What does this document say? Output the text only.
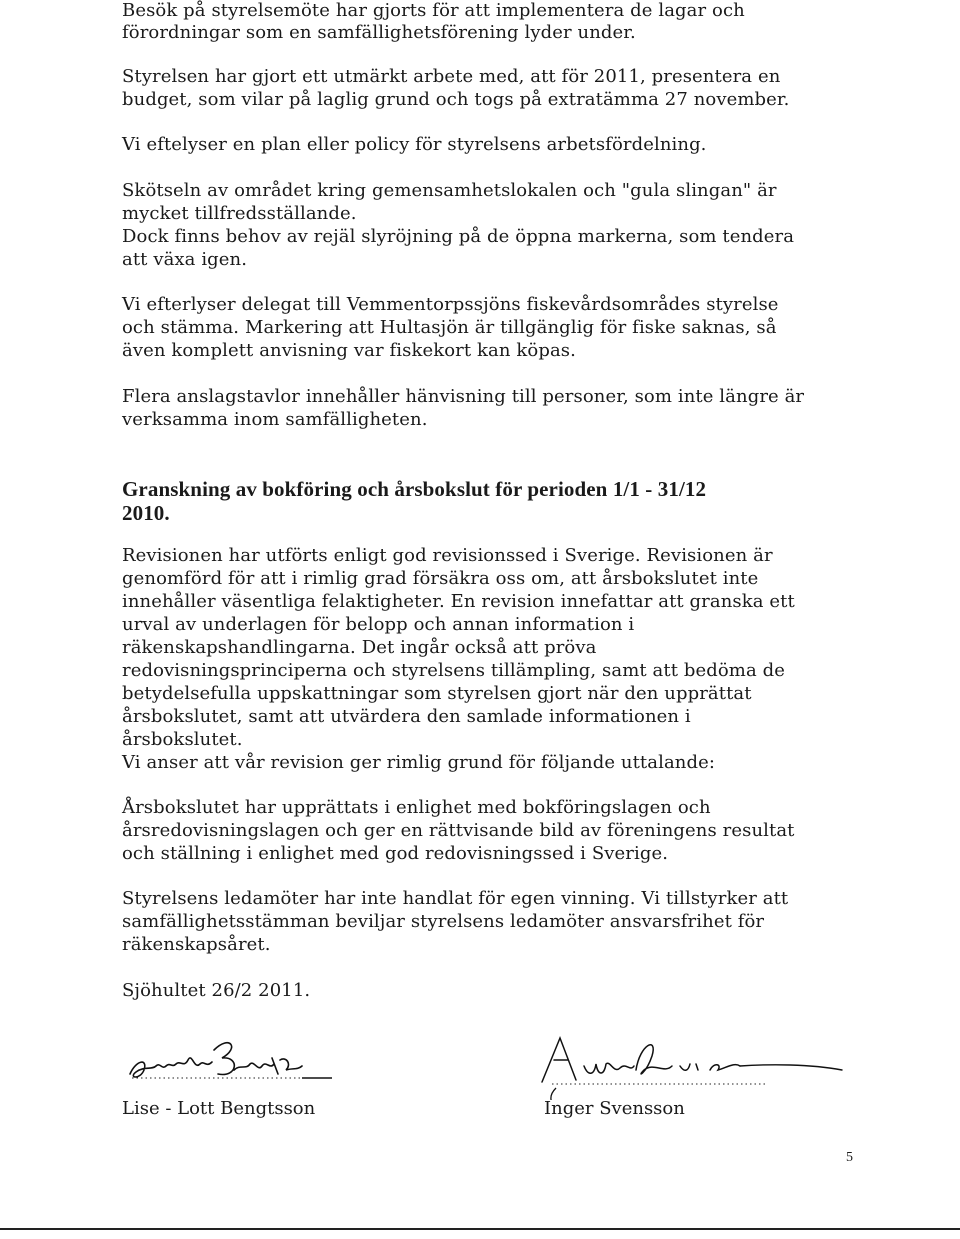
Besök på styrelsemöte har gjorts för att implementera de lagar och
förordningar som en samfällighetsförening lyder under.
Styrelsen har gjort ett utmärkt arbete med, att för 2011, presentera en
budget, som vilar på laglig grund och togs på extratämma 27 november.
Vi eftelyser en plan eller policy för styrelsens arbetsfördelning.
Skötseln av området kring gemensamhetslokalen och "gula slingan" är
mycket tillfredsställande.
Dock finns behov av rejäl slyröjning på de öppna markerna, som tendera
att växa igen.
Vi efterlyser delegat till Vemmentorpssjöns fiskevårdsområdes styrelse
och stämma. Markering att Hultasjön är tillgänglig för fiske saknas, så
även komplett anvisning var fiskekort kan köpas.
Flera anslagstavlor innehåller hänvisning till personer, som inte längre är
verksamma inom samfälligheten.
Granskning av bokföring och årsbokslut för perioden 1/1 - 31/12
2010.
Revisionen har utförts enligt god revisionssed i Sverige. Revisionen är
genomförd för att i rimlig grad försäkra oss om, att årsbokslutet inte
innehåller väsentliga felaktigheter. En revision innefattar att granska ett
urval av underlagen för belopp och annan information i
räkenskapshandlingarna. Det ingår också att pröva
redovisningsprinciperna och styrelsens tillämpling, samt att bedöma de
betydelsefulla uppskattningar som styrelsen gjort när den upprättat
årsbokslutet, samt att utvärdera den samlade informationen i
årsbokslutet.
Vi anser att vår revision ger rimlig grund för följande uttalande:
Årsbokslutet har upprättats i enlighet med bokföringslagen och
årsredovisningslagen och ger en rättvisande bild av föreningens resultat
och ställning i enlighet med god redovisningssed i Sverige.
Styrelsens ledamöter har inte handlat för egen vinning. Vi tillstyrker att
samfällighetsstämman beviljar styrelsens ledamöter ansvarsfrihet för
räkenskapsåret.
Sjöhultet 26/2 2011.
Lise - Lott Bengtsson	Inger Svensson
5
